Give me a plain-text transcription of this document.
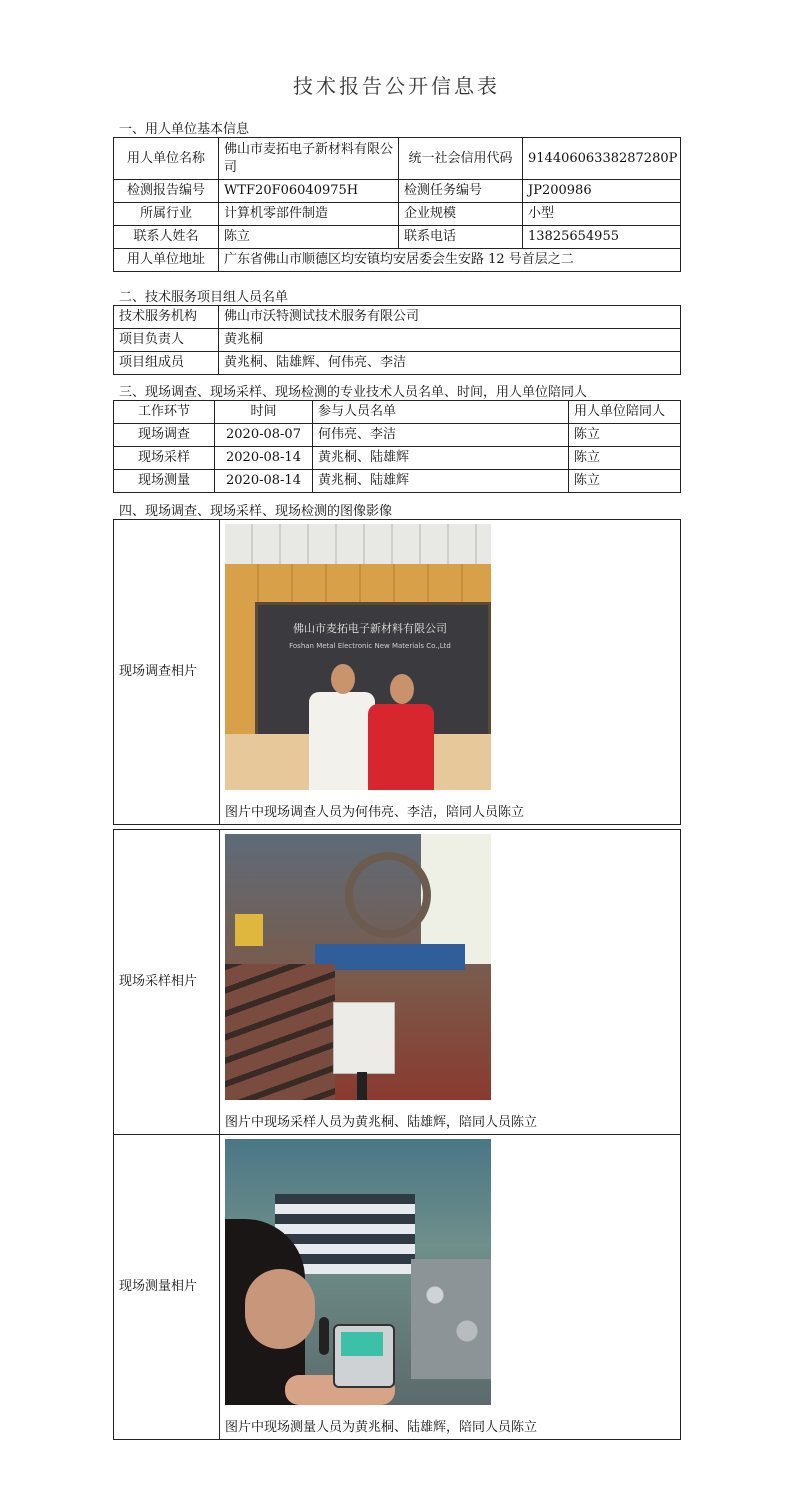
技术报告公开信息表
一、用人单位基本信息
用人单位名称	佛山市麦拓电子新材料有限公司	统一社会信用代码	91440606338287280P
检测报告编号	WTF20F06040975H	检测任务编号	JP200986
所属行业	计算机零部件制造	企业规模	小型
联系人姓名	陈立	联系电话	13825654955
用人单位地址	广东省佛山市顺德区均安镇均安居委会生安路 12 号首层之二		
二、技术服务项目组人员名单
技术服务机构	佛山市沃特测试技术服务有限公司
项目负责人	黄兆桐
项目组成员	黄兆桐、陆雄辉、何伟亮、李洁
三、现场调查、现场采样、现场检测的专业技术人员名单、时间，用人单位陪同人
工作环节	时间	参与人员名单	用人单位陪同人
现场调查	2020-08-07	何伟亮、李洁	陈立
现场采样	2020-08-14	黄兆桐、陆雄辉	陈立
现场测量	2020-08-14	黄兆桐、陆雄辉	陈立
四、现场调查、现场采样、现场检测的图像影像
现场调查相片	
佛山市麦拓电子新材料有限公司
Foshan Metal Electronic New Materials Co.,Ltd
图片中现场调查人员为何伟亮、李洁，陪同人员陈立
现场采样相片	图片中现场采样人员为黄兆桐、陆雄辉，陪同人员陈立

现场测量相片	图片中现场测量人员为黄兆桐、陆雄辉，陪同人员陈立
